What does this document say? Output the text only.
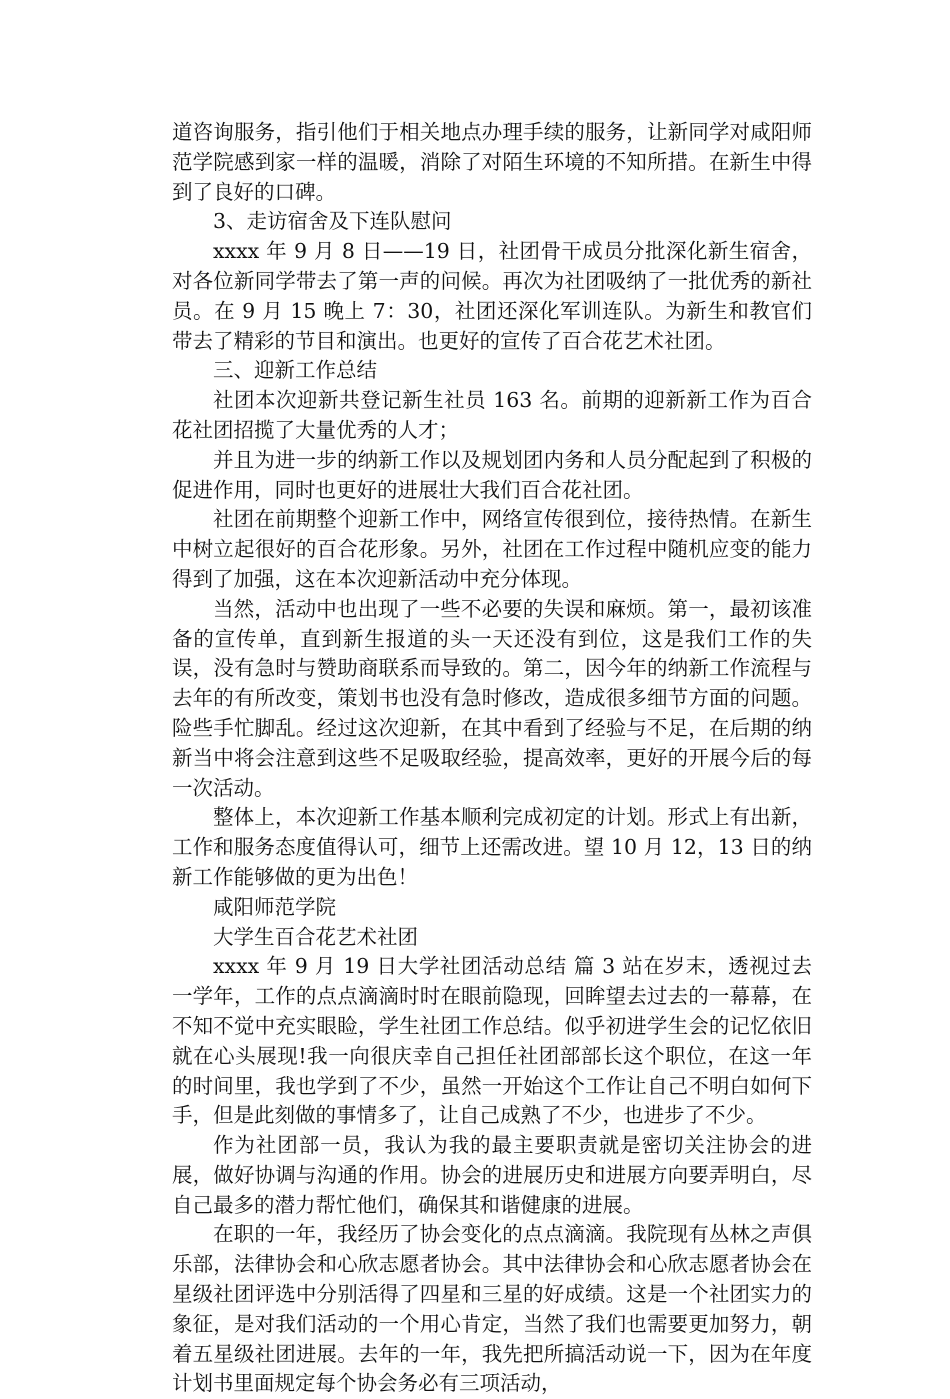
道咨询服务，指引他们于相关地点办理手续的服务，让新同学对咸阳师范学院感到家一样的温暖，消除了对陌生环境的不知所措。在新生中得到了良好的口碑。

3、走访宿舍及下连队慰问

xxxx 年 9 月 8 日——19 日，社团骨干成员分批深化新生宿舍，对各位新同学带去了第一声的问候。再次为社团吸纳了一批优秀的新社员。在 9 月 15 晚上 7：30，社团还深化军训连队。为新生和教官们带去了精彩的节目和演出。也更好的宣传了百合花艺术社团。

三、迎新工作总结

社团本次迎新共登记新生社员 163 名。前期的迎新新工作为百合花社团招揽了大量优秀的人才；

并且为进一步的纳新工作以及规划团内务和人员分配起到了积极的促进作用，同时也更好的进展壮大我们百合花社团。

社团在前期整个迎新工作中，网络宣传很到位，接待热情。在新生中树立起很好的百合花形象。另外，社团在工作过程中随机应变的能力得到了加强，这在本次迎新活动中充分体现。

当然，活动中也出现了一些不必要的失误和麻烦。第一，最初该准备的宣传单，直到新生报道的头一天还没有到位，这是我们工作的失误，没有急时与赞助商联系而导致的。第二，因今年的纳新工作流程与去年的有所改变，策划书也没有急时修改，造成很多细节方面的问题。险些手忙脚乱。经过这次迎新，在其中看到了经验与不足，在后期的纳新当中将会注意到这些不足吸取经验，提高效率，更好的开展今后的每一次活动。

整体上，本次迎新工作基本顺利完成初定的计划。形式上有出新，工作和服务态度值得认可，细节上还需改进。望 10 月 12，13 日的纳新工作能够做的更为出色！

咸阳师范学院

大学生百合花艺术社团

xxxx 年 9 月 19 日大学社团活动总结 篇 3 站在岁末，透视过去一学年，工作的点点滴滴时时在眼前隐现，回眸望去过去的一幕幕，在不知不觉中充实眼睑，学生社团工作总结。似乎初进学生会的记忆依旧就在心头展现!我一向很庆幸自己担任社团部部长这个职位，在这一年的时间里，我也学到了不少，虽然一开始这个工作让自己不明白如何下手，但是此刻做的事情多了，让自己成熟了不少，也进步了不少。

作为社团部一员，我认为我的最主要职责就是密切关注协会的进展，做好协调与沟通的作用。协会的进展历史和进展方向要弄明白，尽自己最多的潜力帮忙他们，确保其和谐健康的进展。

在职的一年，我经历了协会变化的点点滴滴。我院现有丛林之声俱乐部，法律协会和心欣志愿者协会。其中法律协会和心欣志愿者协会在星级社团评选中分别活得了四星和三星的好成绩。这是一个社团实力的象征，是对我们活动的一个用心肯定，当然了我们也需要更加努力，朝着五星级社团进展。去年的一年，我先把所搞活动说一下，因为在年度计划书里面规定每个协会务必有三项活动，
